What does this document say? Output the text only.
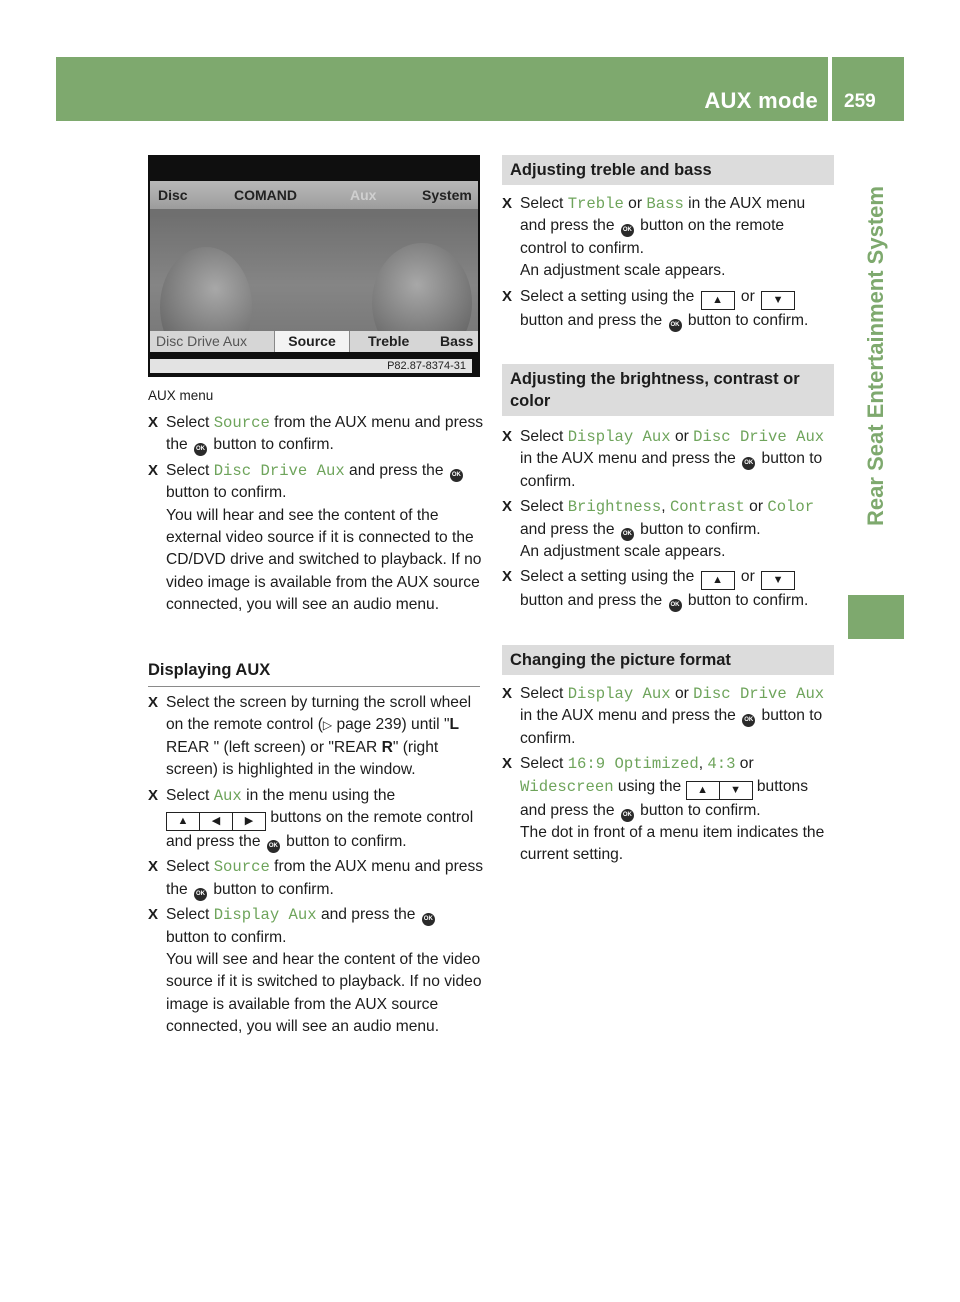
AUX mode 259
Rear Seat Entertainment System
Disc	COMAND	Aux	System
Disc Drive Aux	Source	Treble Bass
P82.87-8374-31
AUX menu

X Select Source from the AUX menu and press the OK button to confirm.

X Select Disc Drive Aux and press the OK button to confirm.
You will hear and see the content of the external video source if it is connected to the CD/DVD drive and switched to playback. If no video image is available from the AUX source connected, you will see an audio menu.

Displaying AUX

X Select the screen by turning the scroll wheel on the remote control (▷ page 239) until "L REAR " (left screen) or "REAR R" (right screen) is highlighted in the window.

X Select Aux in the menu using the
▲ ◀ ▶ buttons on the remote control and press the OK button to confirm.

X Select Source from the AUX menu and press the OK button to confirm.

X Select Display Aux and press the OK button to confirm.
You will see and hear the content of the video source if it is switched to playback. If no video image is available from the AUX source connected, you will see an audio menu.

Adjusting treble and bass

X Select Treble or Bass in the AUX menu and press the OK button on the remote control to confirm.
An adjustment scale appears.

X Select a setting using the ▲ or ▼ button and press the OK button to confirm.

Adjusting the brightness, contrast or color

X Select Display Aux or Disc Drive Aux in the AUX menu and press the OK button to confirm.

X Select Brightness, Contrast or Color and press the OK button to confirm.
An adjustment scale appears.

X Select a setting using the ▲ or ▼ button and press the OK button to confirm.

Changing the picture format

X Select Display Aux or Disc Drive Aux in the AUX menu and press the OK button to confirm.

X Select 16:9 Optimized, 4:3 or Widescreen using the ▲ ▼ buttons and press the OK button to confirm.
The dot in front of a menu item indicates the current setting.
